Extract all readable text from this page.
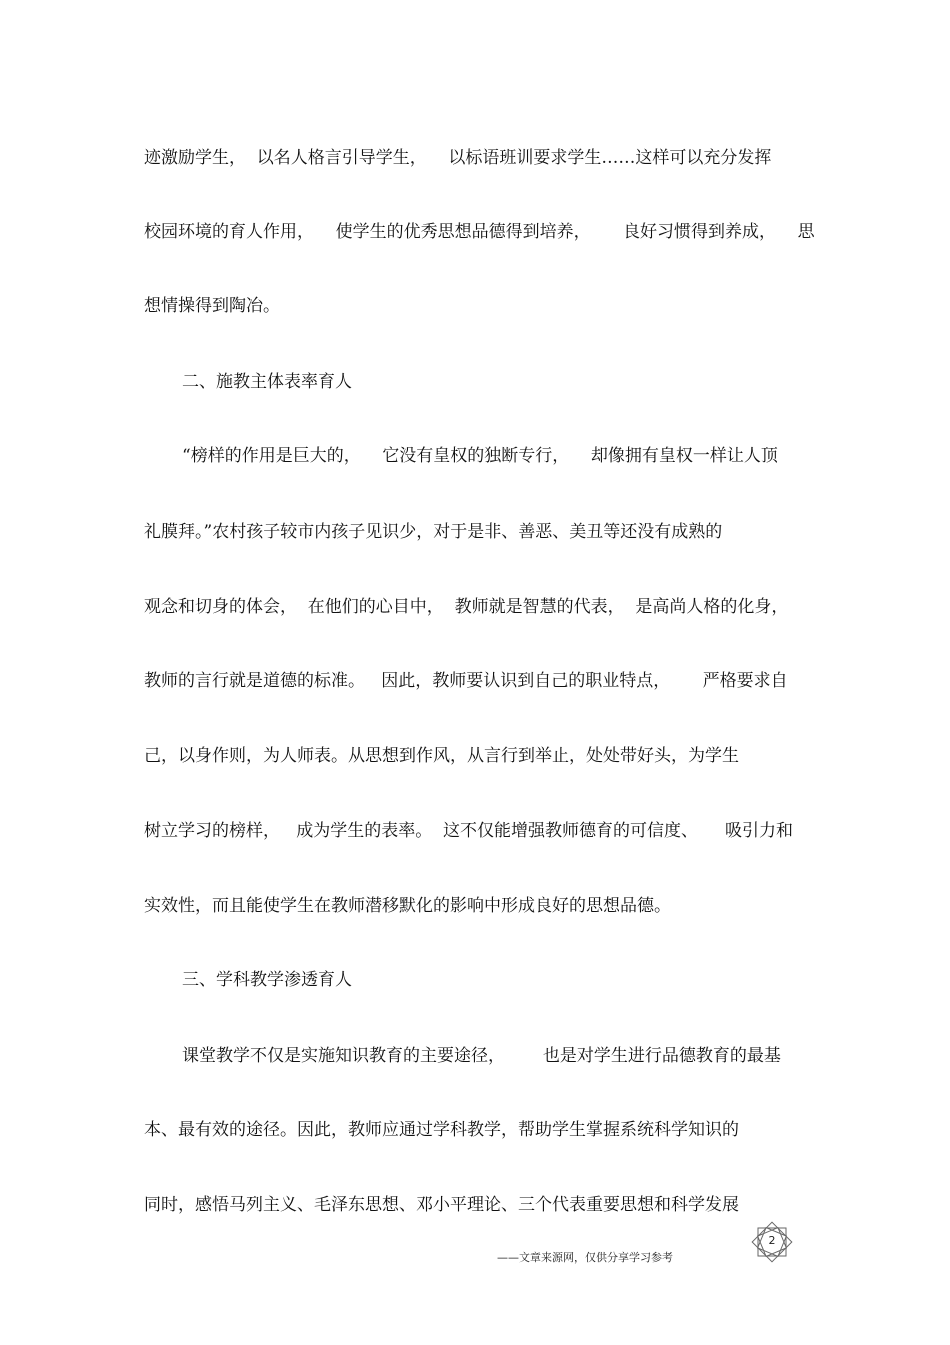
迹激励学生，  以名人格言引导学生，    以标语班训要求学生……这样可以充分发挥
校园环境的育人作用，    使学生的优秀思想品德得到培养，      良好习惯得到养成，    思
想情操得到陶冶。
二、施教主体表率育人
“榜样的作用是巨大的，    它没有皇权的独断专行，    却像拥有皇权一样让人顶
礼膜拜。”农村孩子较市内孩子见识少，对于是非、善恶、美丑等还没有成熟的
观念和切身的体会，  在他们的心目中，  教师就是智慧的代表，  是高尚人格的化身，
教师的言行就是道德的标准。   因此，教师要认识到自己的职业特点，      严格要求自
己，以身作则，为人师表。从思想到作风，从言行到举止，处处带好头，为学生
树立学习的榜样，   成为学生的表率。  这不仅能增强教师德育的可信度、     吸引力和
实效性，而且能使学生在教师潜移默化的影响中形成良好的思想品德。
三、学科教学渗透育人
课堂教学不仅是实施知识教育的主要途径，       也是对学生进行品德教育的最基
本、最有效的途径。因此，教师应通过学科教学，帮助学生掌握系统科学知识的
同时，感悟马列主义、毛泽东思想、邓小平理论、三个代表重要思想和科学发展
2
——文章来源网，仅供分享学习参考
